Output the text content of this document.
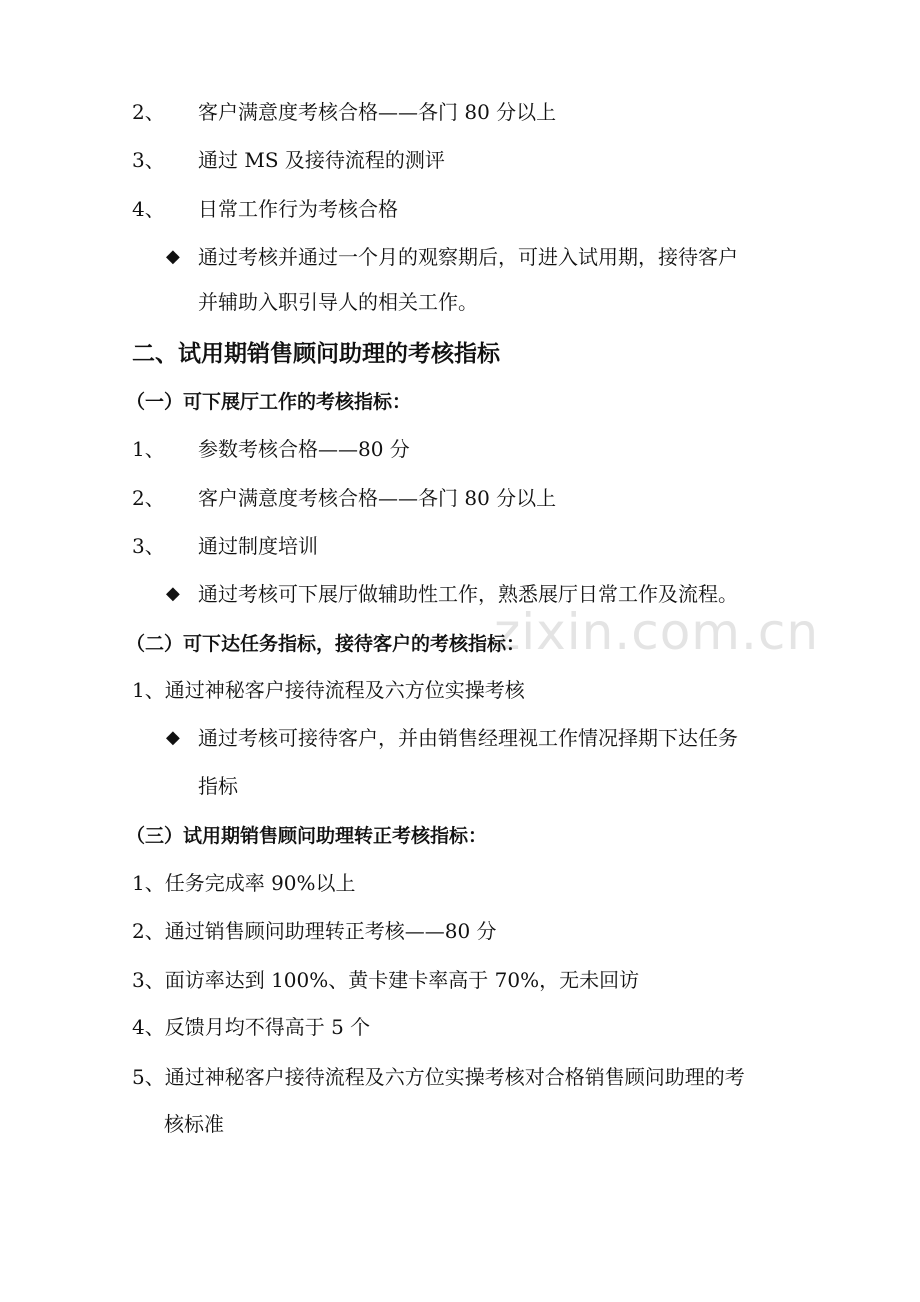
zixin.com.cn
2、 客户满意度考核合格——各门 80 分以上
3、 通过 MS 及接待流程的测评
4、 日常工作行为考核合格
◆ 通过考核并通过一个月的观察期后，可进入试用期，接待客户
并辅助入职引导人的相关工作。
二、试用期销售顾问助理的考核指标
（一）可下展厅工作的考核指标：
1、 参数考核合格——80 分
2、 客户满意度考核合格——各门 80 分以上
3、 通过制度培训
◆ 通过考核可下展厅做辅助性工作，熟悉展厅日常工作及流程。
（二）可下达任务指标，接待客户的考核指标：
1、通过神秘客户接待流程及六方位实操考核
◆ 通过考核可接待客户，并由销售经理视工作情况择期下达任务
指标
（三）试用期销售顾问助理转正考核指标：
1、任务完成率 90%以上
2、通过销售顾问助理转正考核——80 分
3、面访率达到 100%、黄卡建卡率高于 70%，无未回访
4、反馈月均不得高于 5 个
5、通过神秘客户接待流程及六方位实操考核对合格销售顾问助理的考
核标准
